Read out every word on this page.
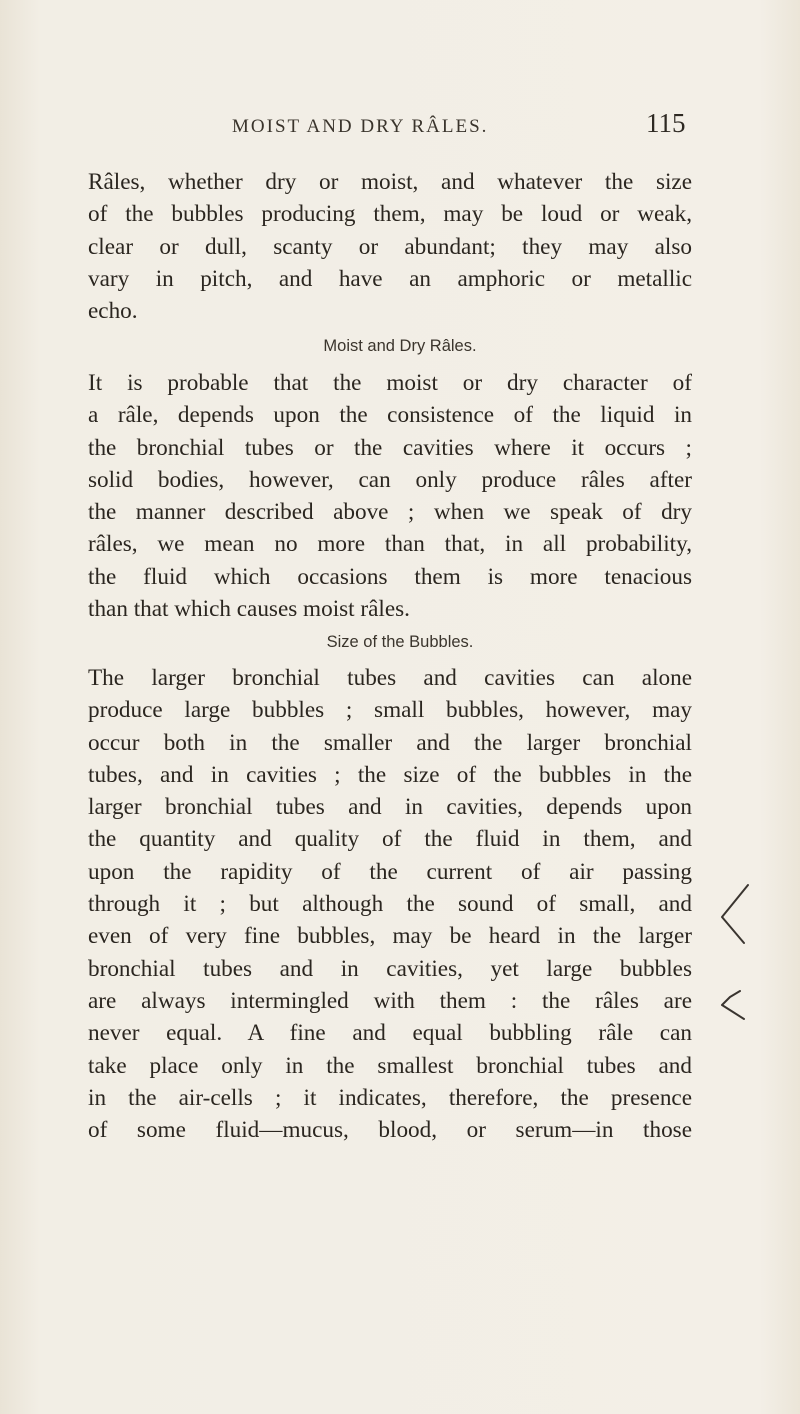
MOIST AND DRY RÂLES.	115
Râles, whether dry or moist, and whatever the size
of the bubbles producing them, may be loud or weak,
clear or dull, scanty or abundant; they may also
vary in pitch, and have an amphoric or metallic
echo.
Moist and Dry Râles.
It is probable that the moist or dry character of
a râle, depends upon the consistence of the liquid in
the bronchial tubes or the cavities where it occurs ;
solid bodies, however, can only produce râles after
the manner described above ; when we speak of dry
râles, we mean no more than that, in all probability,
the fluid which occasions them is more tenacious
than that which causes moist râles.
Size of the Bubbles.
The larger bronchial tubes and cavities can alone
produce large bubbles ; small bubbles, however, may
occur both in the smaller and the larger bronchial
tubes, and in cavities ; the size of the bubbles in the
larger bronchial tubes and in cavities, depends upon
the quantity and quality of the fluid in them, and
upon the rapidity of the current of air passing
through it ; but although the sound of small, and
even of very fine bubbles, may be heard in the larger
bronchial tubes and in cavities, yet large bubbles
are always intermingled with them : the râles are
never equal. A fine and equal bubbling râle can
take place only in the smallest bronchial tubes and
in the air-cells ; it indicates, therefore, the presence
of some fluid—mucus, blood, or serum—in those
